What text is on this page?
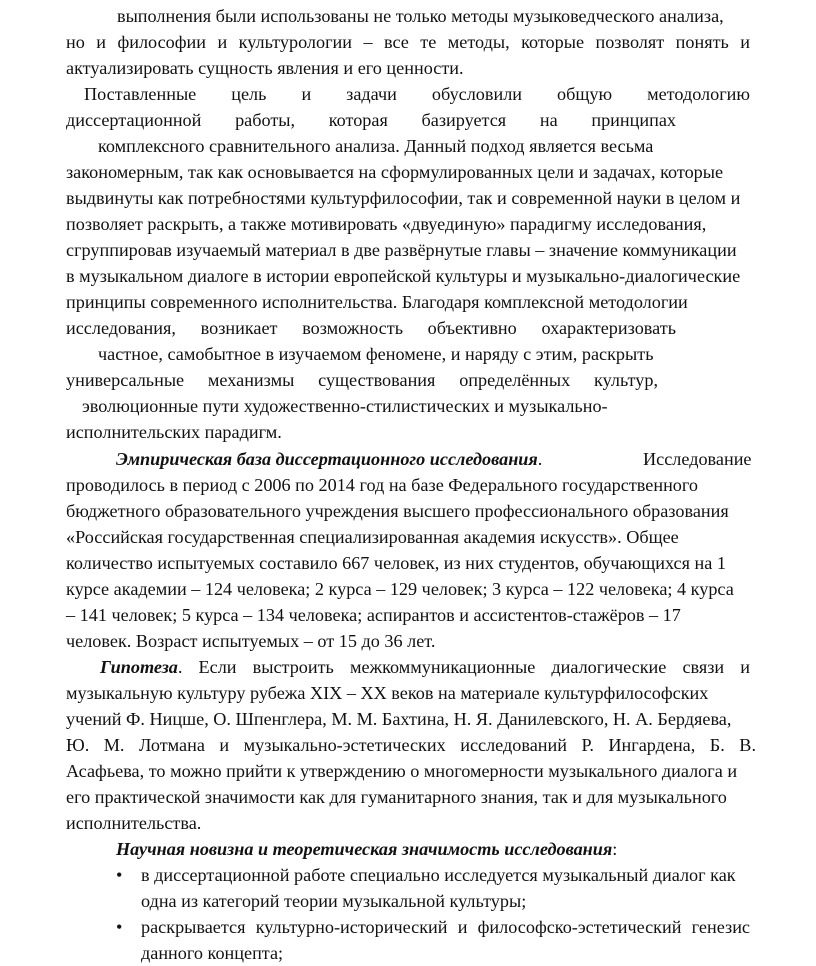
выполнения были использованы не только методы музыковедческого анализа,
но и философии и культурологии – все те методы, которые позволят понять и
актуализировать сущность явления и его ценности.
Поставленные цель и задачи обусловили общую методологию
диссертационной работы, которая базируется на принципах
комплексного сравнительного анализа. Данный подход является весьма
закономерным, так как основывается на сформулированных цели и задачах, которые
выдвинуты как потребностями культурфилософии, так и современной науки в целом и
позволяет раскрыть, а также мотивировать «двуединую» парадигму исследования,
сгруппировав изучаемый материал в две развёрнутые главы – значение коммуникации
в музыкальном диалоге в истории европейской культуры и музыкально-диалогические
принципы современного исполнительства. Благодаря комплексной методологии
исследования, возникает возможность объективно охарактеризовать
частное, самобытное в изучаемом феномене, и наряду с этим, раскрыть
универсальные механизмы существования определённых культур,
эволюционные пути художественно-стилистических и музыкально-
исполнительских парадигм.
Эмпирическая база диссертационного исследования.	Исследование
проводилось в период с 2006 по 2014 год на базе Федерального государственного
бюджетного образовательного учреждения высшего профессионального образования
«Российская государственная специализированная академия искусств». Общее
количество испытуемых составило 667 человек, из них студентов, обучающихся на 1
курсе академии – 124 человека; 2 курса – 129 человек; 3 курса – 122 человека; 4 курса
– 141 человек; 5 курса – 134 человека; аспирантов и ассистентов-стажёров – 17
человек. Возраст испытуемых – от 15 до 36 лет.
Гипотеза. Если выстроить межкоммуникационные диалогические связи и
музыкальную культуру рубежа XIX – XX веков на материале культурфилософских
учений Ф. Ницше, О. Шпенглера, М. М. Бахтина, Н. Я. Данилевского, Н. А. Бердяева,
Ю. М. Лотмана и музыкально-эстетических исследований Р. Ингардена, Б. В.
Асафьева, то можно прийти к утверждению о многомерности музыкального диалога и
его практической значимости как для гуманитарного знания, так и для музыкального
исполнительства.
Научная новизна и теоретическая значимость исследования:
• в диссертационной работе специально исследуется музыкальный диалог как
одна из категорий теории музыкальной культуры;
• раскрывается культурно-исторический и философско-эстетический генезис
данного концепта;
